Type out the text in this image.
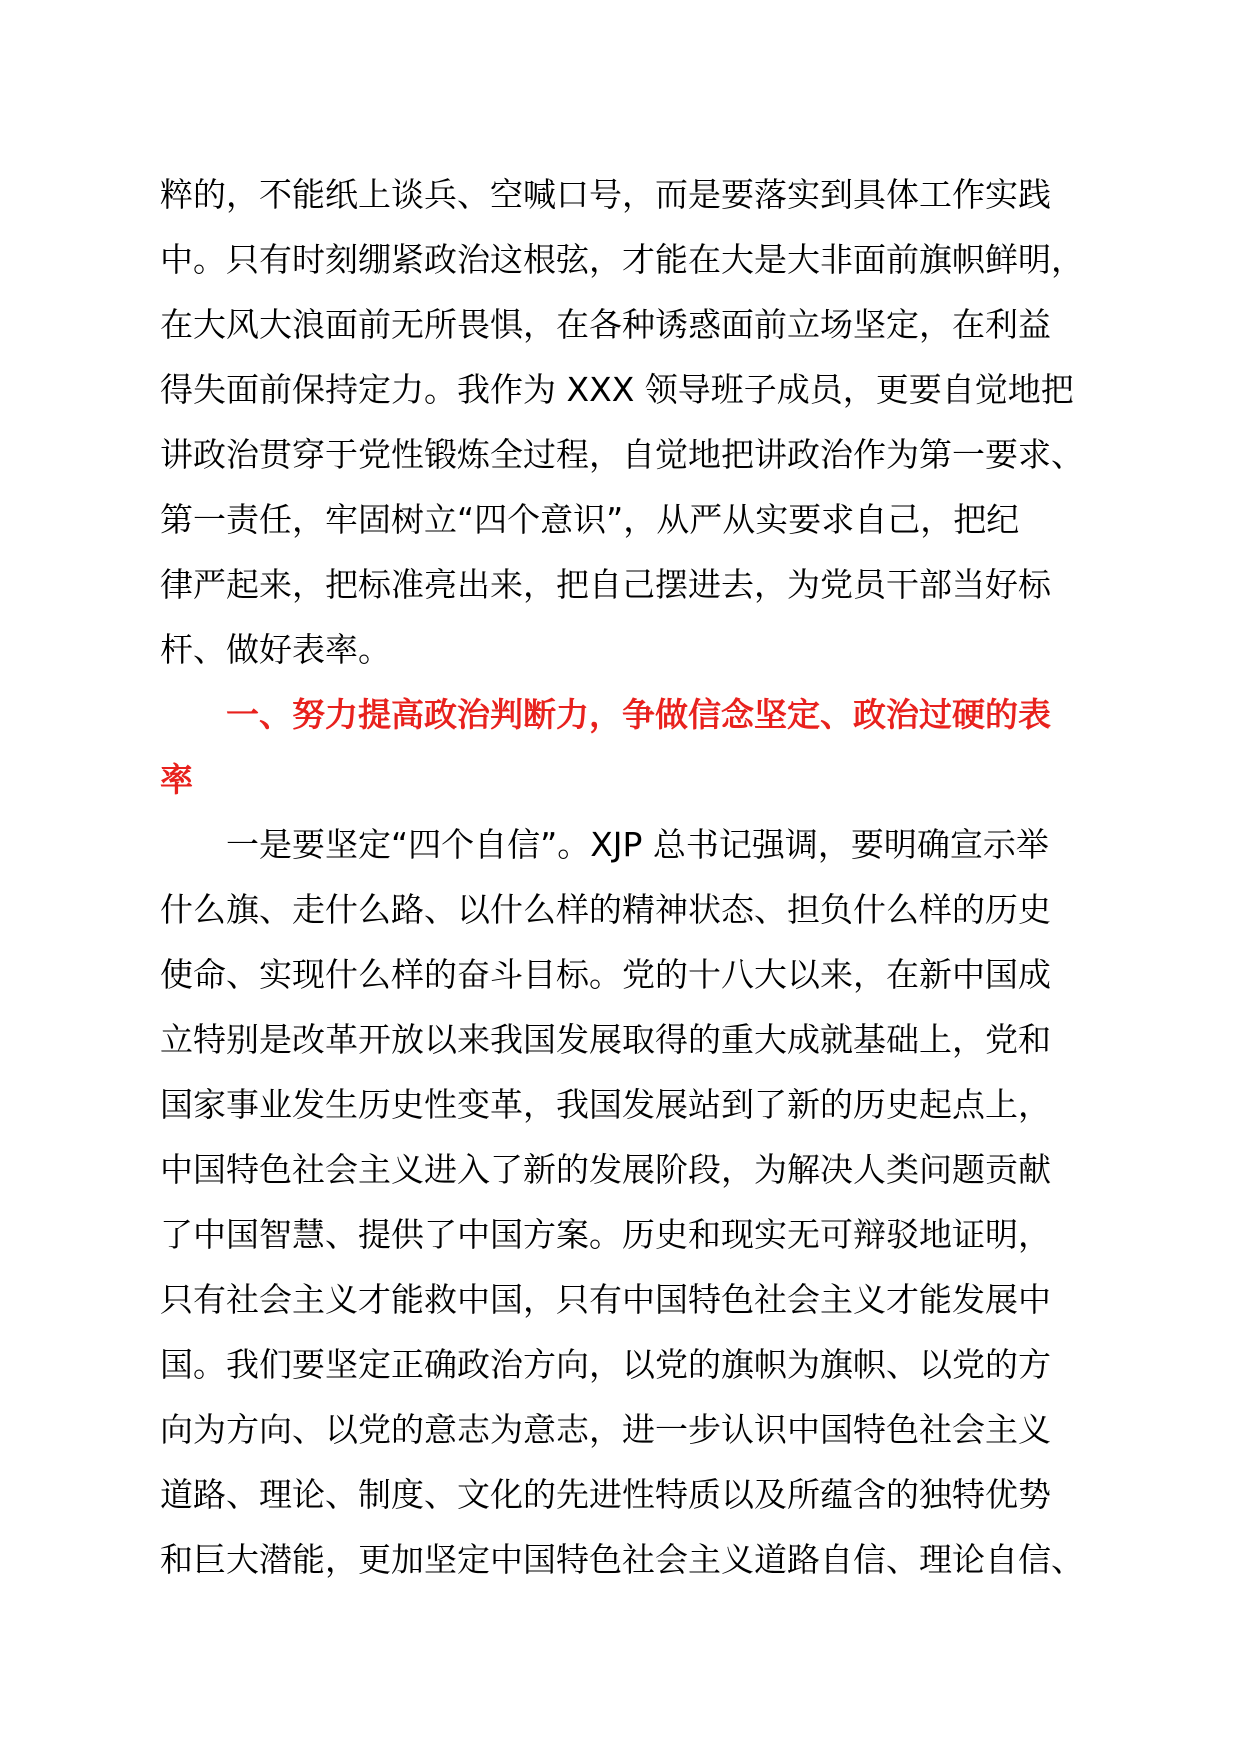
粹的，不能纸上谈兵、空喊口号，而是要落实到具体工作实践
中。只有时刻绷紧政治这根弦，才能在大是大非面前旗帜鲜明，
在大风大浪面前无所畏惧，在各种诱惑面前立场坚定，在利益
得失面前保持定力。我作为 XXX 领导班子成员，更要自觉地把
讲政治贯穿于党性锻炼全过程，自觉地把讲政治作为第一要求、
第一责任，牢固树立“四个意识”，从严从实要求自己，把纪
律严起来，把标准亮出来，把自己摆进去，为党员干部当好标
杆、做好表率。
一、努力提高政治判断力，争做信念坚定、政治过硬的表
率
一是要坚定“四个自信”。XJP 总书记强调，要明确宣示举
什么旗、走什么路、以什么样的精神状态、担负什么样的历史
使命、实现什么样的奋斗目标。党的十八大以来，在新中国成
立特别是改革开放以来我国发展取得的重大成就基础上，党和
国家事业发生历史性变革，我国发展站到了新的历史起点上，
中国特色社会主义进入了新的发展阶段，为解决人类问题贡献
了中国智慧、提供了中国方案。历史和现实无可辩驳地证明，
只有社会主义才能救中国，只有中国特色社会主义才能发展中
国。我们要坚定正确政治方向，以党的旗帜为旗帜、以党的方
向为方向、以党的意志为意志，进一步认识中国特色社会主义
道路、理论、制度、文化的先进性特质以及所蕴含的独特优势
和巨大潜能，更加坚定中国特色社会主义道路自信、理论自信、
